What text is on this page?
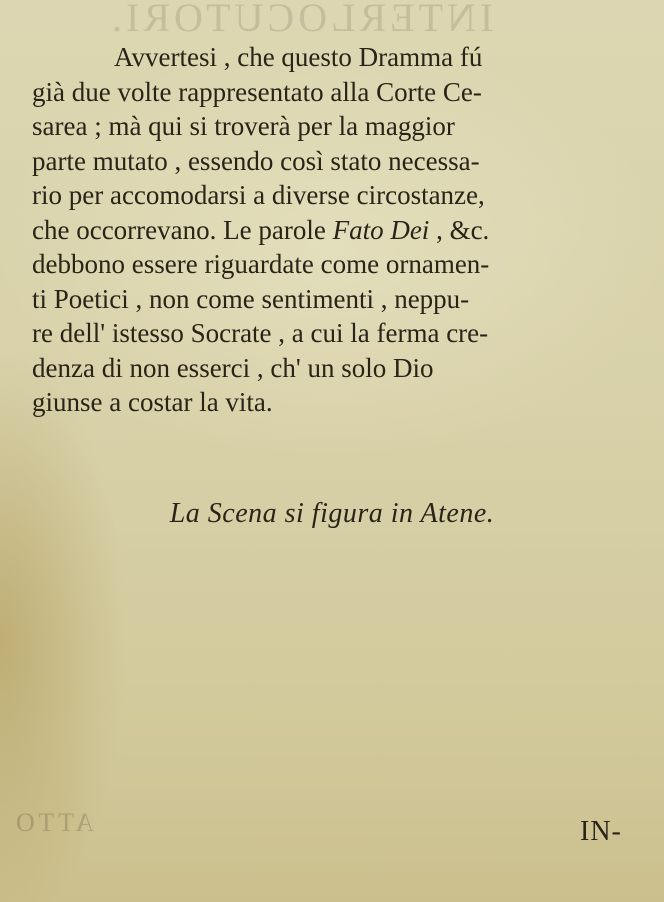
INTERLOCUTORI.
ATTO
Avvertesi , che questo Dramma fú
già due volte rappresentato alla Corte Ce-
sarea ; mà qui si troverà per la maggior
parte mutato , essendo così stato necessa-
rio per accomodarsi a diverse circostanze,
che occorrevano. Le parole Fato Dei , &c.
debbono essere riguardate come ornamen-
ti Poetici , non come sentimenti , neppu-
re dell' istesso Socrate , a cui la ferma cre-
denza di non esserci , ch' un solo Dio
giunse a costar la vita.
La Scena si figura in Atene.
IN-
